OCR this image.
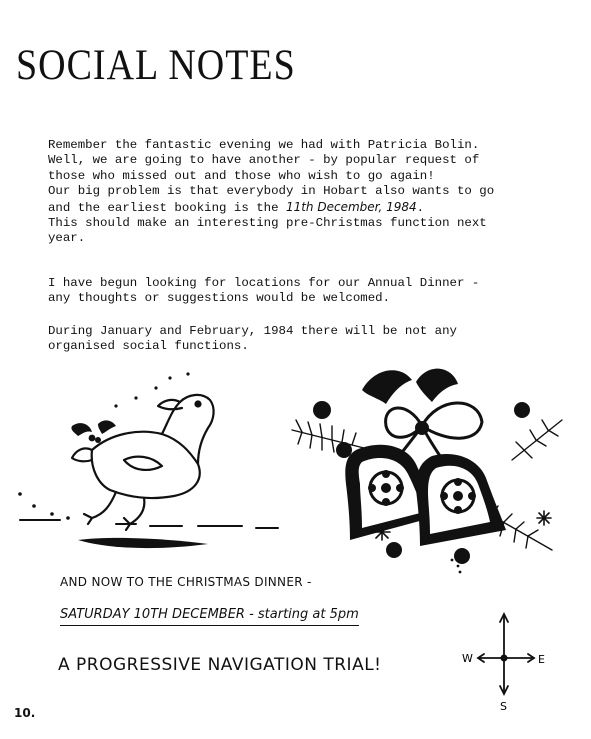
SOCIAL NOTES

Remember the fantastic evening we had with Patricia Bolin.
Well, we are going to have another - by popular request of
those who missed out and those who wish to go again!
Our big problem is that everybody in Hobart also wants to go
and the earliest booking is the 11th December, 1984.
This should make an interesting pre-Christmas function next
year.

I have begun looking for locations for our Annual Dinner -
any thoughts or suggestions would be welcomed.

During January and February, 1984 there will be not any
organised social functions.

AND NOW TO THE CHRISTMAS DINNER -

SATURDAY 10TH DECEMBER - starting at 5pm

A PROGRESSIVE NAVIGATION TRIAL!	W	E
S
10.
